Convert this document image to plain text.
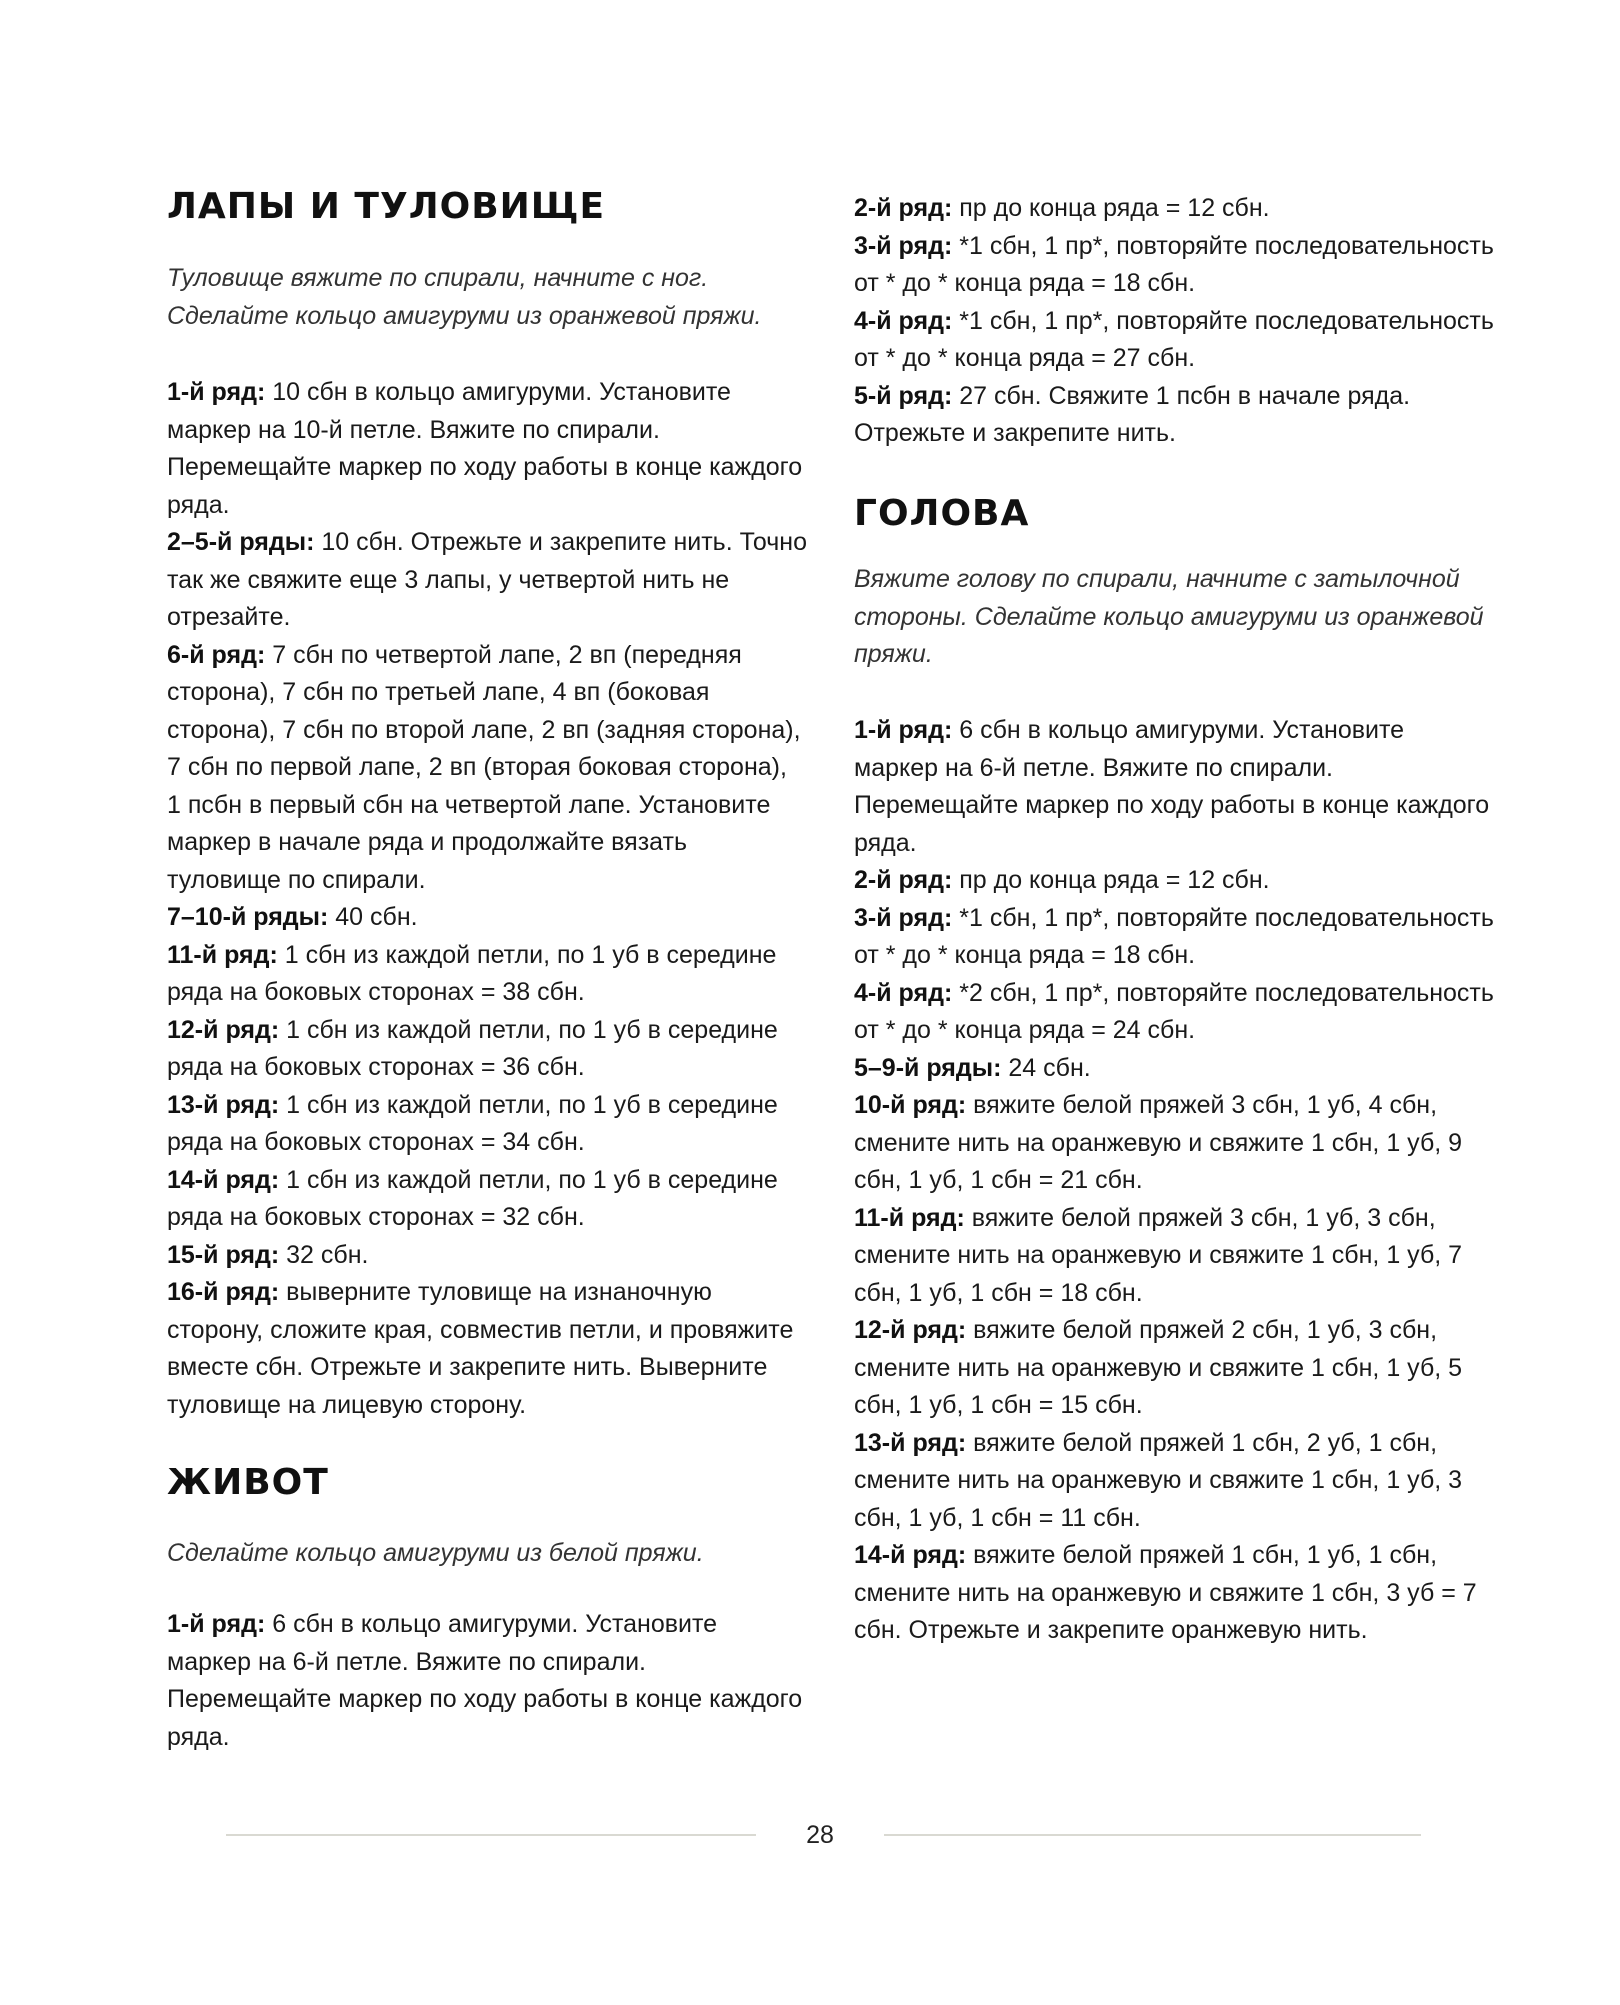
ЛАПЫ И ТУЛОВИЩЕ

Туловище вяжите по спирали, начните с ног. Сделайте кольцо амигуруми из оранжевой пряжи.

1-й ряд: 10 сбн в кольцо амигуруми. Установите маркер на 10-й петле. Вяжите по спирали. Перемещайте маркер по ходу работы в конце каждого ряда.

2–5-й ряды: 10 сбн. Отрежьте и закрепите нить. Точно так же свяжите еще 3 лапы, у четвертой нить не отрезайте.

6-й ряд: 7 сбн по четвертой лапе, 2 вп (передняя сторона), 7 сбн по третьей лапе, 4 вп (боковая сторона), 7 сбн по второй лапе, 2 вп (задняя сторона), 7 сбн по первой лапе, 2 вп (вторая боковая сторона), 1 псбн в первый сбн на четвертой лапе. Установите маркер в начале ряда и продолжайте вязать туловище по спирали.

7–10-й ряды: 40 сбн.

11-й ряд: 1 сбн из каждой петли, по 1 уб в середине ряда на боковых сторонах = 38 сбн.

12-й ряд: 1 сбн из каждой петли, по 1 уб в середине ряда на боковых сторонах = 36 сбн.

13-й ряд: 1 сбн из каждой петли, по 1 уб в середине ряда на боковых сторонах = 34 сбн.

14-й ряд: 1 сбн из каждой петли, по 1 уб в середине ряда на боковых сторонах = 32 сбн.

15-й ряд: 32 сбн.

16-й ряд: выверните туловище на изнаночную сторону, сложите края, совместив петли, и провяжите вместе сбн. Отрежьте и закрепите нить. Выверните туловище на лицевую сторону.

ЖИВОТ

Сделайте кольцо амигуруми из белой пряжи.

1-й ряд: 6 сбн в кольцо амигуруми. Установите маркер на 6-й петле. Вяжите по спирали. Перемещайте маркер по ходу работы в конце каждого ряда.

2-й ряд: пр до конца ряда = 12 сбн.

3-й ряд: *1 сбн, 1 пр*, повторяйте последовательность от * до * конца ряда = 18 сбн.

4-й ряд: *1 сбн, 1 пр*, повторяйте последовательность от * до * конца ряда = 27 сбн.

5-й ряд: 27 сбн. Свяжите 1 псбн в начале ряда. Отрежьте и закрепите нить.

ГОЛОВА

Вяжите голову по спирали, начните с затылочной стороны. Сделайте кольцо амигуруми из оранжевой пряжи.

1-й ряд: 6 сбн в кольцо амигуруми. Установите маркер на 6-й петле. Вяжите по спирали. Перемещайте маркер по ходу работы в конце каждого ряда.

2-й ряд: пр до конца ряда = 12 сбн.

3-й ряд: *1 сбн, 1 пр*, повторяйте последовательность от * до * конца ряда = 18 сбн.

4-й ряд: *2 сбн, 1 пр*, повторяйте последовательность от * до * конца ряда = 24 сбн.

5–9-й ряды: 24 сбн.

10-й ряд: вяжите белой пряжей 3 сбн, 1 уб, 4 сбн, смените нить на оранжевую и свяжите 1 сбн, 1 уб, 9 сбн, 1 уб, 1 сбн = 21 сбн.

11-й ряд: вяжите белой пряжей 3 сбн, 1 уб, 3 сбн, смените нить на оранжевую и свяжите 1 сбн, 1 уб, 7 сбн, 1 уб, 1 сбн = 18 сбн.

12-й ряд: вяжите белой пряжей 2 сбн, 1 уб, 3 сбн, смените нить на оранжевую и свяжите 1 сбн, 1 уб, 5 сбн, 1 уб, 1 сбн = 15 сбн.

13-й ряд: вяжите белой пряжей 1 сбн, 2 уб, 1 сбн, смените нить на оранжевую и свяжите 1 сбн, 1 уб, 3 сбн, 1 уб, 1 сбн = 11 сбн.

14-й ряд: вяжите белой пряжей 1 сбн, 1 уб, 1 сбн, смените нить на оранжевую и свяжите 1 сбн, 3 уб = 7 сбн. Отрежьте и закрепите оранжевую нить.

28
